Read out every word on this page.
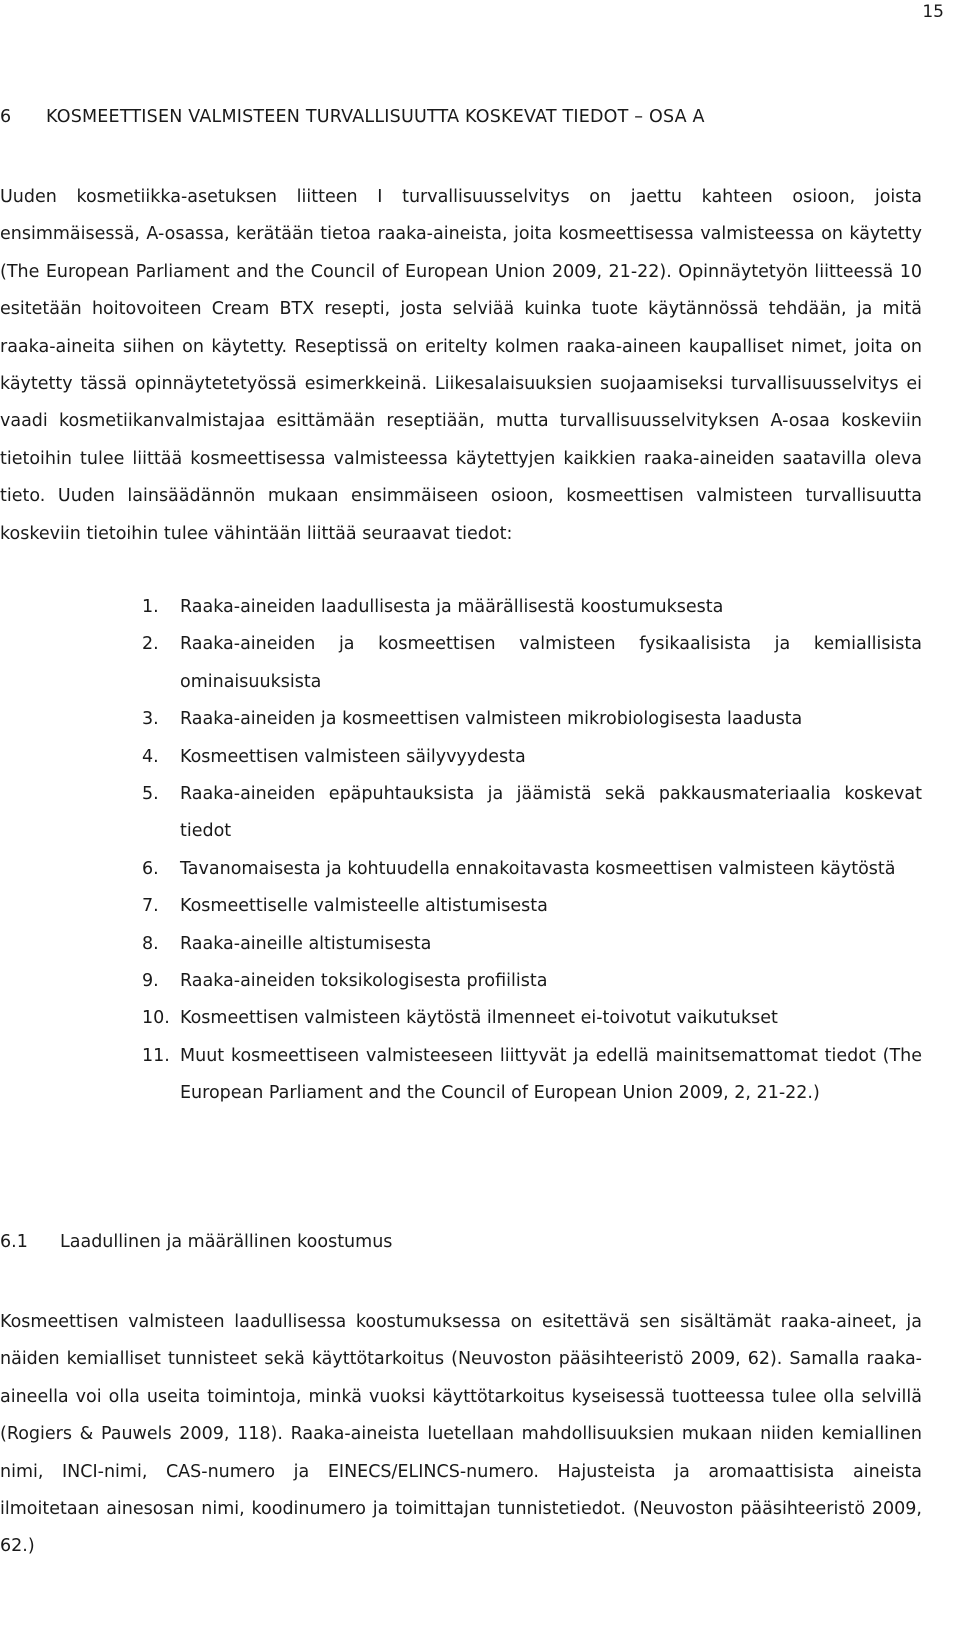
15
6 KOSMEETTISEN VALMISTEEN TURVALLISUUTTA KOSKEVAT TIEDOT – OSA A

Uuden kosmetiikka-asetuksen liitteen I turvallisuusselvitys on jaettu kahteen osioon, joista ensimmäisessä, A-osassa, kerätään tietoa raaka-aineista, joita kosmeettisessa valmisteessa on käytetty (The European Parliament and the Council of European Union 2009, 21-22). Opinnäytetyön liitteessä 10 esitetään hoitovoiteen Cream BTX resepti, josta selviää kuinka tuote käytännössä tehdään, ja mitä raaka-aineita siihen on käytetty. Reseptissä on eritelty kolmen raaka-aineen kaupalliset nimet, joita on käytetty tässä opinnäytetetyössä esimerkkeinä. Liikesalaisuuksien suojaamiseksi turvallisuusselvitys ei vaadi kosmetiikanvalmistajaa esittämään reseptiään, mutta turvallisuusselvityksen A-osaa koskeviin tietoihin tulee liittää kosmeettisessa valmisteessa käytettyjen kaikkien raaka-aineiden saatavilla oleva tieto. Uuden lainsäädännön mukaan ensimmäiseen osioon, kosmeettisen valmisteen turvallisuutta koskeviin tietoihin tulee vähintään liittää seuraavat tiedot:

1.	Raaka-aineiden laadullisesta ja määrällisestä koostumuksesta
2.	Raaka-aineiden ja kosmeettisen valmisteen fysikaalisista ja kemiallisista ominaisuuksista
3.	Raaka-aineiden ja kosmeettisen valmisteen mikrobiologisesta laadusta
4.	Kosmeettisen valmisteen säilyvyydesta
5.	Raaka-aineiden epäpuhtauksista ja jäämistä sekä pakkausmateriaalia koskevat tiedot
6.	Tavanomaisesta ja kohtuudella ennakoitavasta kosmeettisen valmisteen käytöstä
7.	Kosmeettiselle valmisteelle altistumisesta
8.	Raaka-aineille altistumisesta
9.	Raaka-aineiden toksikologisesta profiilista
10. Kosmeettisen valmisteen käytöstä ilmenneet ei-toivotut vaikutukset
11. Muut kosmeettiseen valmisteeseen liittyvät ja edellä mainitsemattomat tiedot (The European Parliament and the Council of European Union 2009, 2, 21-22.)
6.1 Laadullinen ja määrällinen koostumus

Kosmeettisen valmisteen laadullisessa koostumuksessa on esitettävä sen sisältämät raaka-aineet, ja näiden kemialliset tunnisteet sekä käyttötarkoitus (Neuvoston pääsihteeristö 2009, 62). Samalla raaka-aineella voi olla useita toimintoja, minkä vuoksi käyttötarkoitus kyseisessä tuotteessa tulee olla selvillä (Rogiers & Pauwels 2009, 118). Raaka-aineista luetellaan mahdollisuuksien mukaan niiden kemiallinen nimi, INCI-nimi, CAS-numero ja EINECS/ELINCS-numero. Hajusteista ja aromaattisista aineista ilmoitetaan ainesosan nimi, koodinumero ja toimittajan tunnistetiedot. (Neuvoston pääsihteeristö 2009, 62.)
